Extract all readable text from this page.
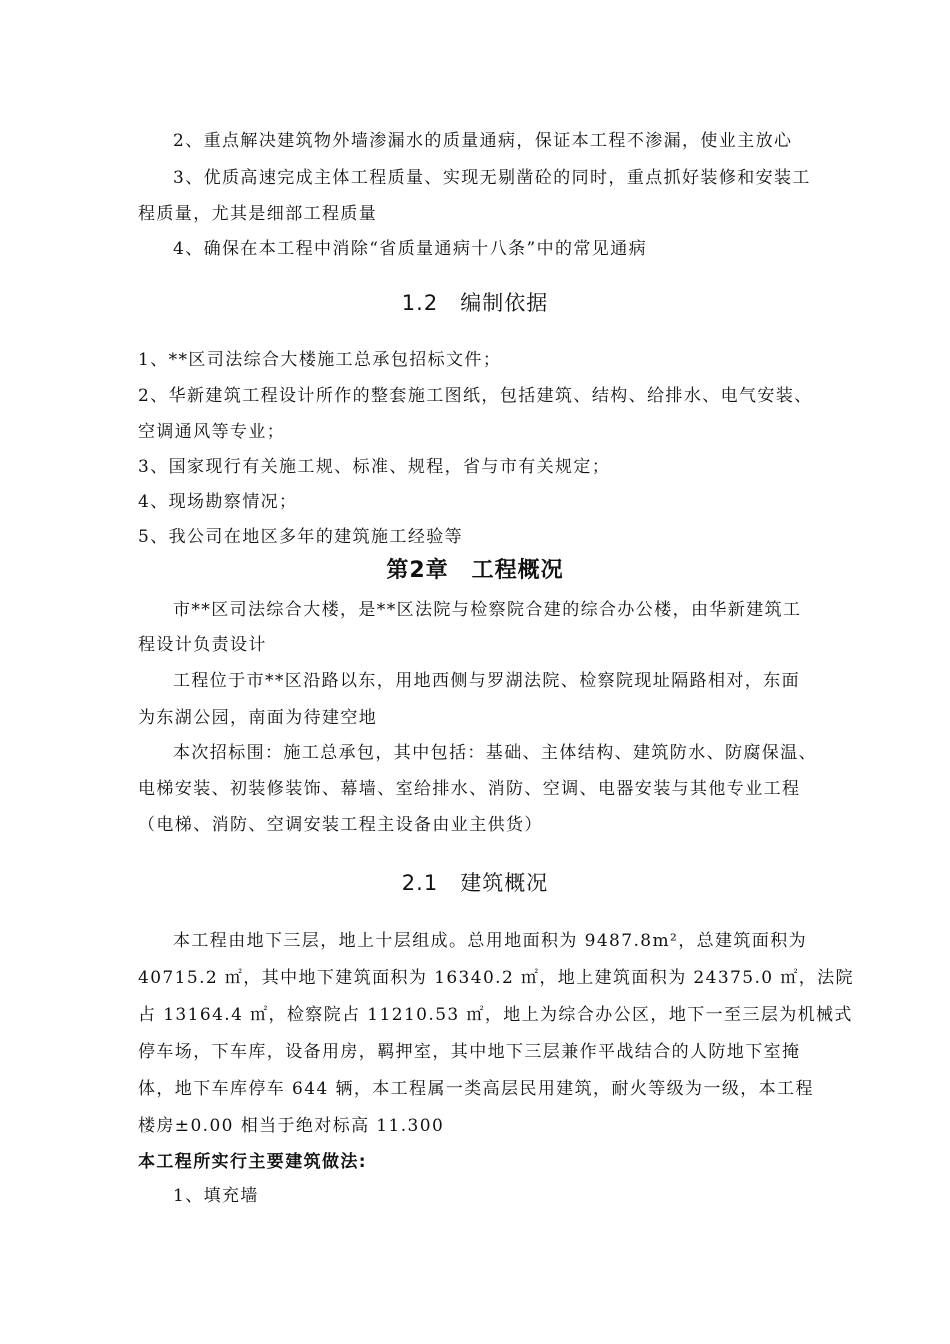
2、重点解决建筑物外墙渗漏水的质量通病，保证本工程不渗漏，使业主放心
3、优质高速完成主体工程质量、实现无剔凿砼的同时，重点抓好装修和安装工
程质量，尤其是细部工程质量
4、确保在本工程中消除“省质量通病十八条”中的常见通病
1.2　编制依据
1、**区司法综合大楼施工总承包招标文件；
2、华新建筑工程设计所作的整套施工图纸，包括建筑、结构、给排水、电气安装、
空调通风等专业；
3、国家现行有关施工规、标准、规程，省与市有关规定；
4、现场勘察情况；
5、我公司在地区多年的建筑施工经验等
第2章　工程概况
市**区司法综合大楼，是**区法院与检察院合建的综合办公楼，由华新建筑工
程设计负责设计
工程位于市**区沿路以东，用地西侧与罗湖法院、检察院现址隔路相对，东面
为东湖公园，南面为待建空地
本次招标围：施工总承包，其中包括：基础、主体结构、建筑防水、防腐保温、
电梯安装、初装修装饰、幕墙、室给排水、消防、空调、电器安装与其他专业工程
（电梯、消防、空调安装工程主设备由业主供货）
2.1　建筑概况
本工程由地下三层，地上十层组成。总用地面积为 9487.8m²，总建筑面积为
40715.2 ㎡，其中地下建筑面积为 16340.2 ㎡，地上建筑面积为 24375.0 ㎡，法院
占 13164.4 ㎡，检察院占 11210.53 ㎡，地上为综合办公区，地下一至三层为机械式
停车场，下车库，设备用房，羁押室，其中地下三层兼作平战结合的人防地下室掩
体，地下车库停车 644 辆，本工程属一类高层民用建筑，耐火等级为一级，本工程
楼房±0.00 相当于绝对标高 11.300
本工程所实行主要建筑做法:
1、填充墙
